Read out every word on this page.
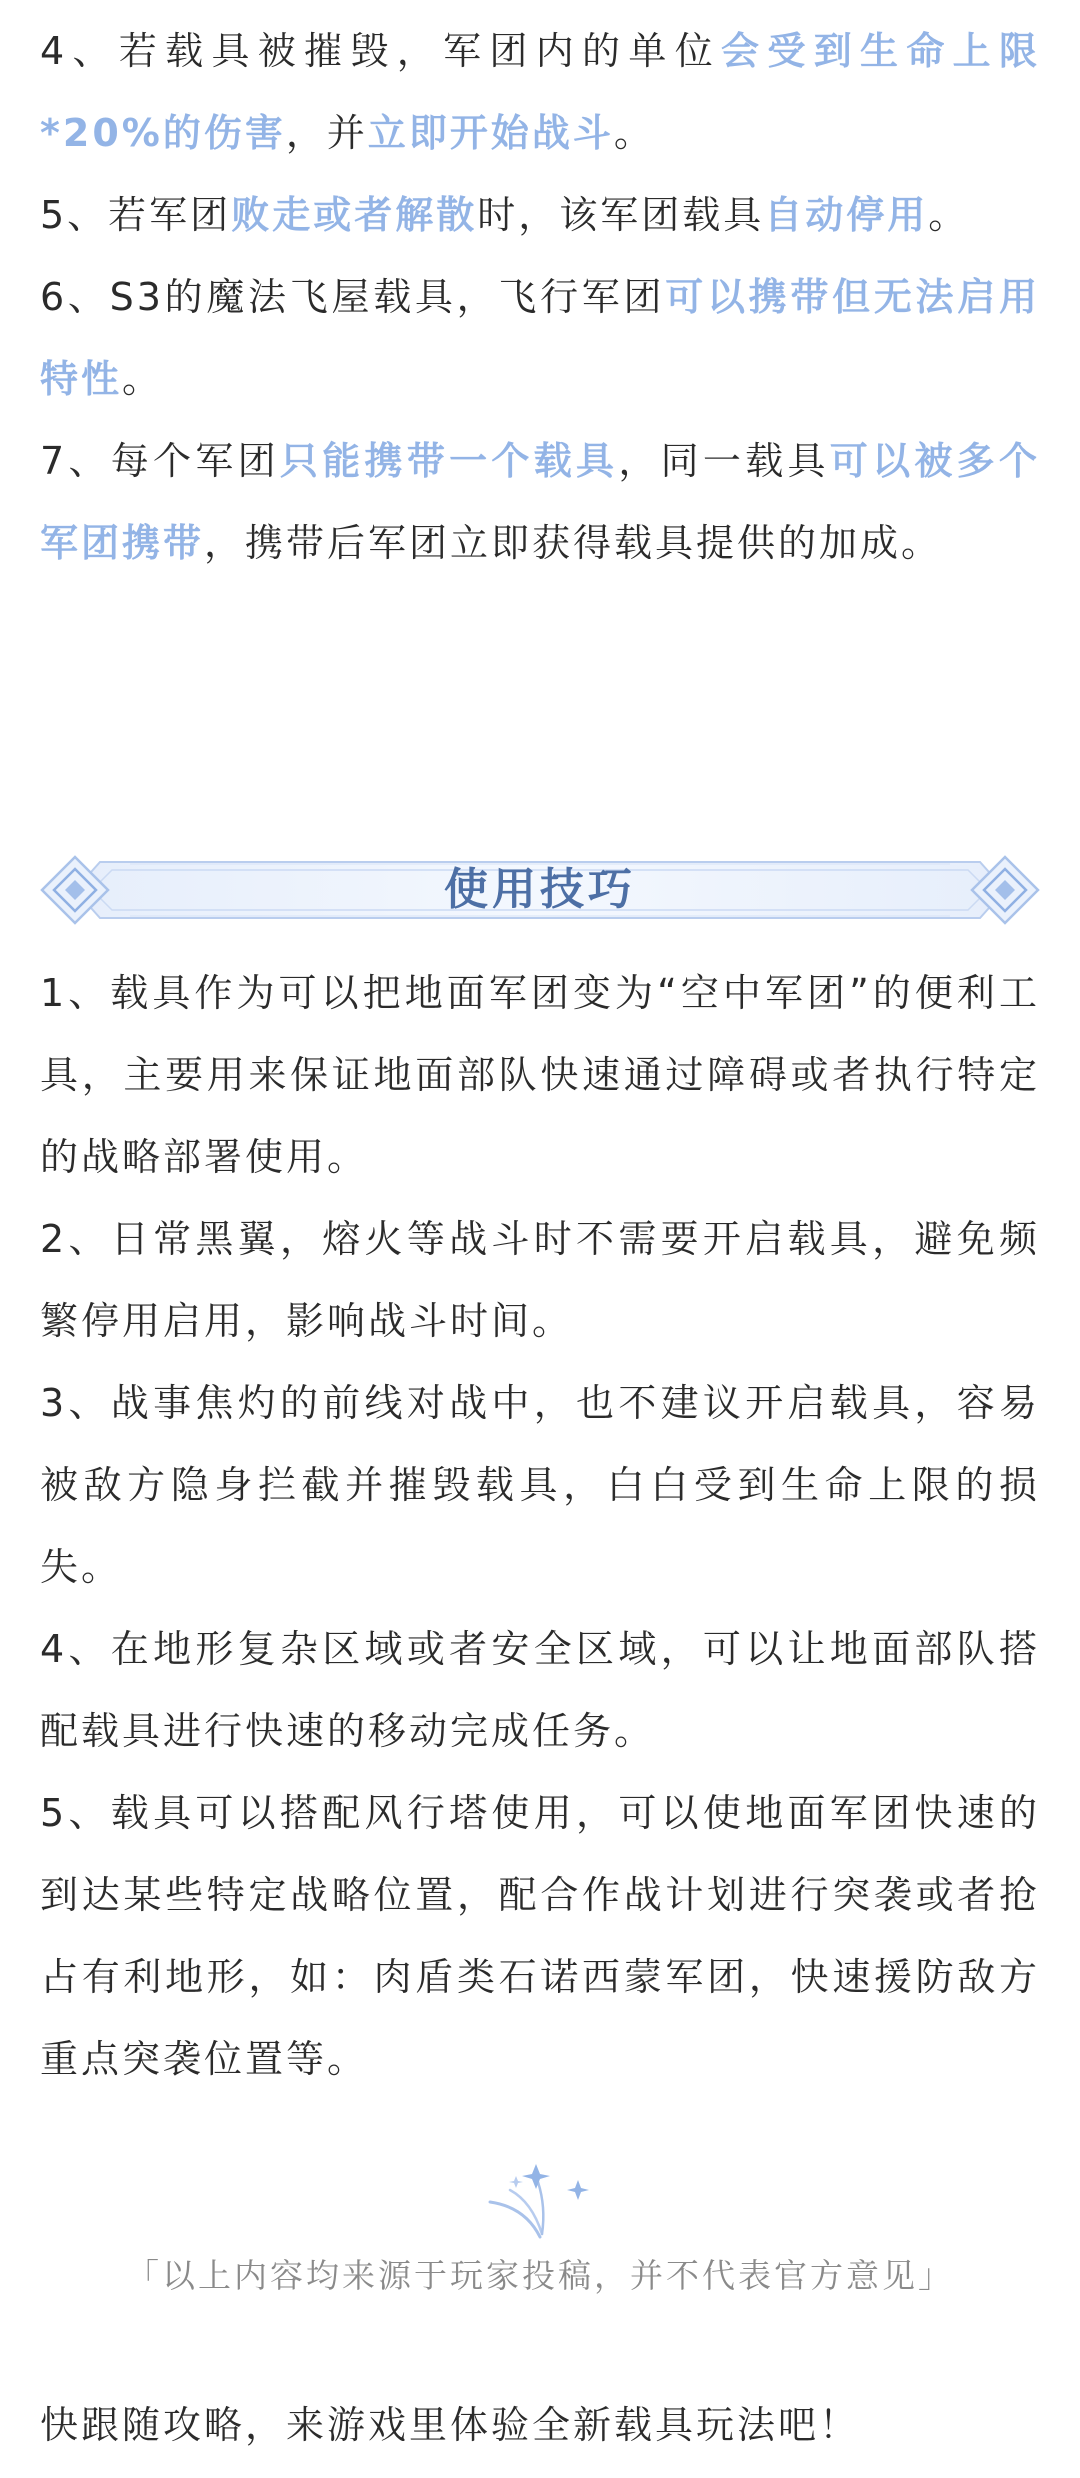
4、若载具被摧毁，军团内的单位会受到生命上限*20%的伤害，并立即开始战斗。

5、若军团败走或者解散时，该军团载具自动停用。

6、S3的魔法飞屋载具，飞行军团可以携带但无法启用特性。

7、每个军团只能携带一个载具，同一载具可以被多个军团携带，携带后军团立即获得载具提供的加成。

使用技巧

1、载具作为可以把地面军团变为“空中军团”的便利工具，主要用来保证地面部队快速通过障碍或者执行特定的战略部署使用。

2、日常黑翼，熔火等战斗时不需要开启载具，避免频繁停用启用，影响战斗时间。

3、战事焦灼的前线对战中，也不建议开启载具，容易被敌方隐身拦截并摧毁载具，白白受到生命上限的损失。

4、在地形复杂区域或者安全区域，可以让地面部队搭配载具进行快速的移动完成任务。

5、载具可以搭配风行塔使用，可以使地面军团快速的到达某些特定战略位置，配合作战计划进行突袭或者抢占有利地形，如：肉盾类石诺西蒙军团，快速援防敌方重点突袭位置等。

「以上内容均来源于玩家投稿，并不代表官方意见」

快跟随攻略，来游戏里体验全新载具玩法吧！
